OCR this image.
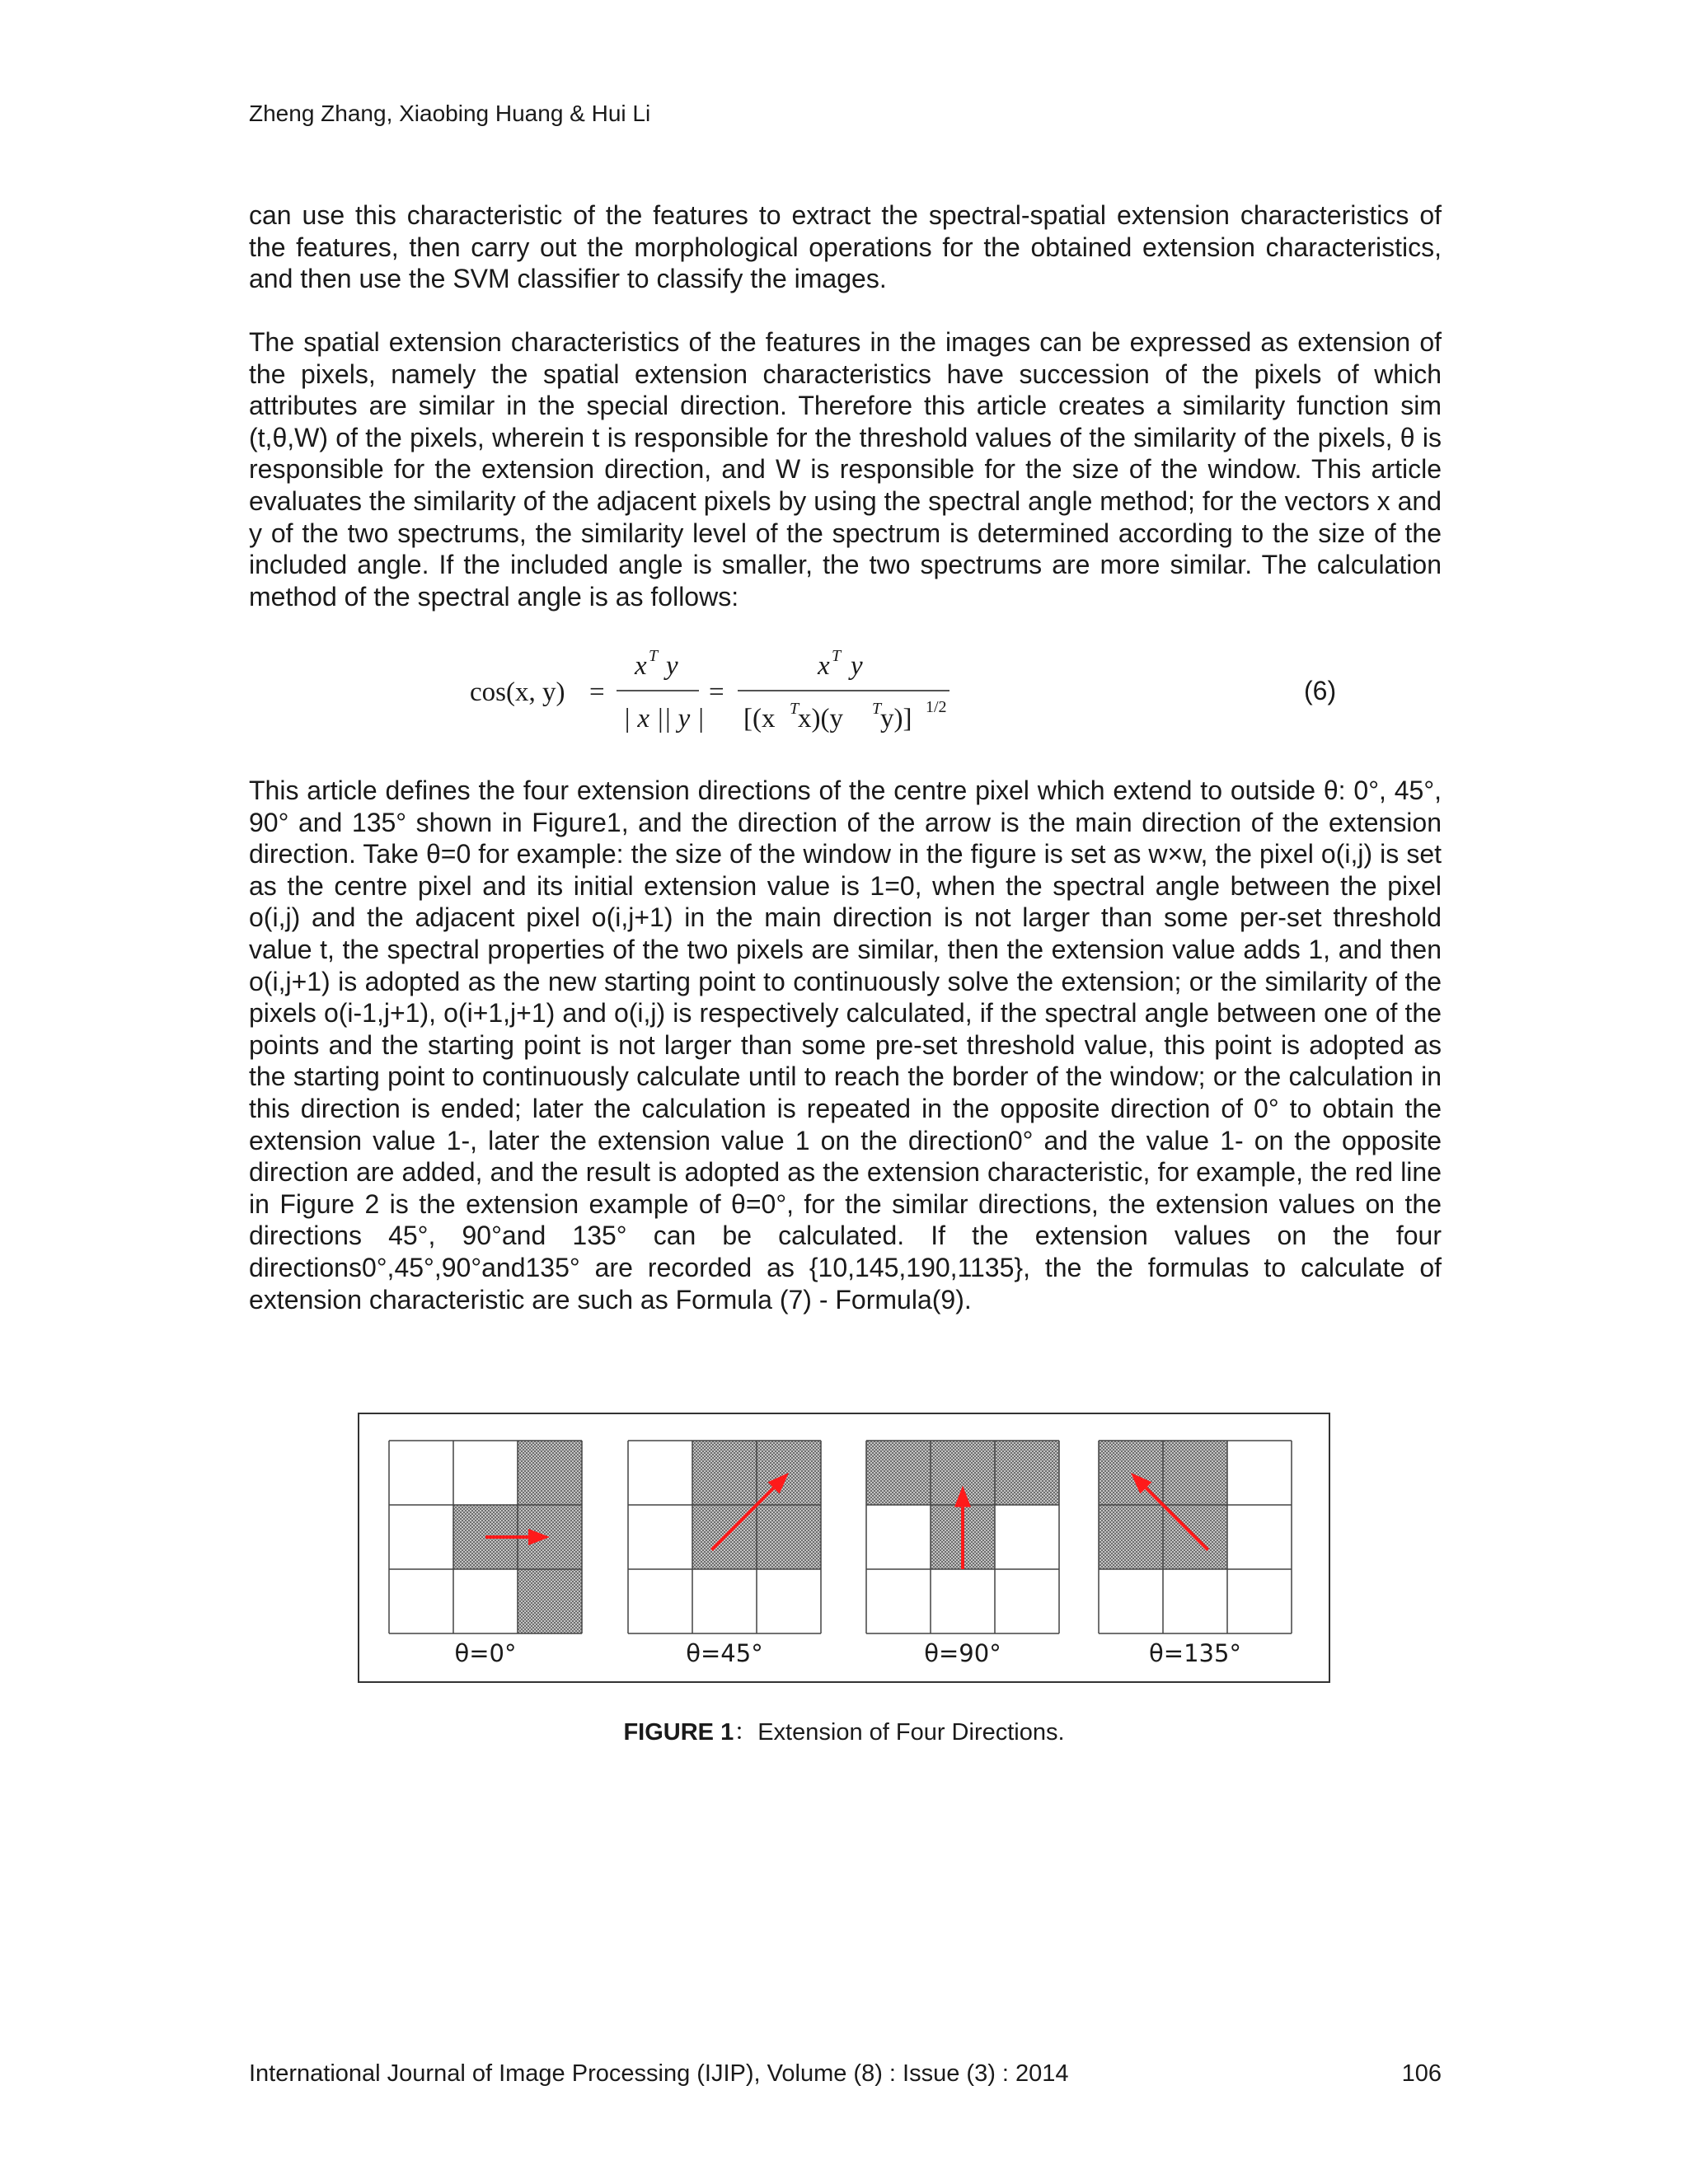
Zheng Zhang, Xiaobing Huang & Hui Li
can use this characteristic of the features to extract the spectral-spatial extension characteristics of the features, then carry out the morphological operations for the obtained extension characteristics, and then use the SVM classifier to classify the images.
The spatial extension characteristics of the features in the images can be expressed as extension of the pixels, namely the spatial extension characteristics have succession of the pixels of which attributes are similar in the special direction. Therefore this article creates a similarity function sim (t,θ,W) of the pixels, wherein t is responsible for the threshold values of the similarity of the pixels, θ is responsible for the extension direction, and W is responsible for the size of the window. This article evaluates the similarity of the adjacent pixels by using the spectral angle method; for the vectors x and y of the two spectrums, the similarity level of the spectrum is determined according to the size of the included angle. If the included angle is smaller, the two spectrums are more similar. The calculation method of the spectral angle is as follows:
cos(x, y) =
x T y
| x || y |
=
x T y
[(x T
x)(y T
y)] 1/2
(6)
This article defines the four extension directions of the centre pixel which extend to outside θ: 0°, 45°, 90° and 135° shown in Figure1, and the direction of the arrow is the main direction of the extension direction. Take θ=0 for example: the size of the window in the figure is set as w×w, the pixel o(i,j) is set as the centre pixel and its initial extension value is 1=0, when the spectral angle between the pixel o(i,j) and the adjacent pixel o(i,j+1) in the main direction is not larger than some per-set threshold value t, the spectral properties of the two pixels are similar, then the extension value adds 1, and then o(i,j+1) is adopted as the new starting point to continuously solve the extension; or the similarity of the pixels o(i-1,j+1), o(i+1,j+1) and o(i,j) is respectively calculated, if the spectral angle between one of the points and the starting point is not larger than some pre-set threshold value, this point is adopted as the starting point to continuously calculate until to reach the border of the window; or the calculation in this direction is ended; later the calculation is repeated in the opposite direction of 0° to obtain the extension value 1-, later the extension value 1 on the direction0° and the value 1- on the opposite direction are added, and the result is adopted as the extension characteristic, for example, the red line in Figure 2 is the extension example of θ=0°, for the similar directions, the extension values on the directions 45°, 90°and 135° can be calculated. If the extension values on the four directions0°,45°,90°and135° are recorded as {10,145,190,1135}, the the formulas to calculate of extension characteristic are such as Formula (7) - Formula(9).
θ=0°	θ=45°	θ=90°	θ=135°
FIGURE 1：Extension of Four Directions.
International Journal of Image Processing (IJIP), Volume (8) : Issue (3) : 2014	106
